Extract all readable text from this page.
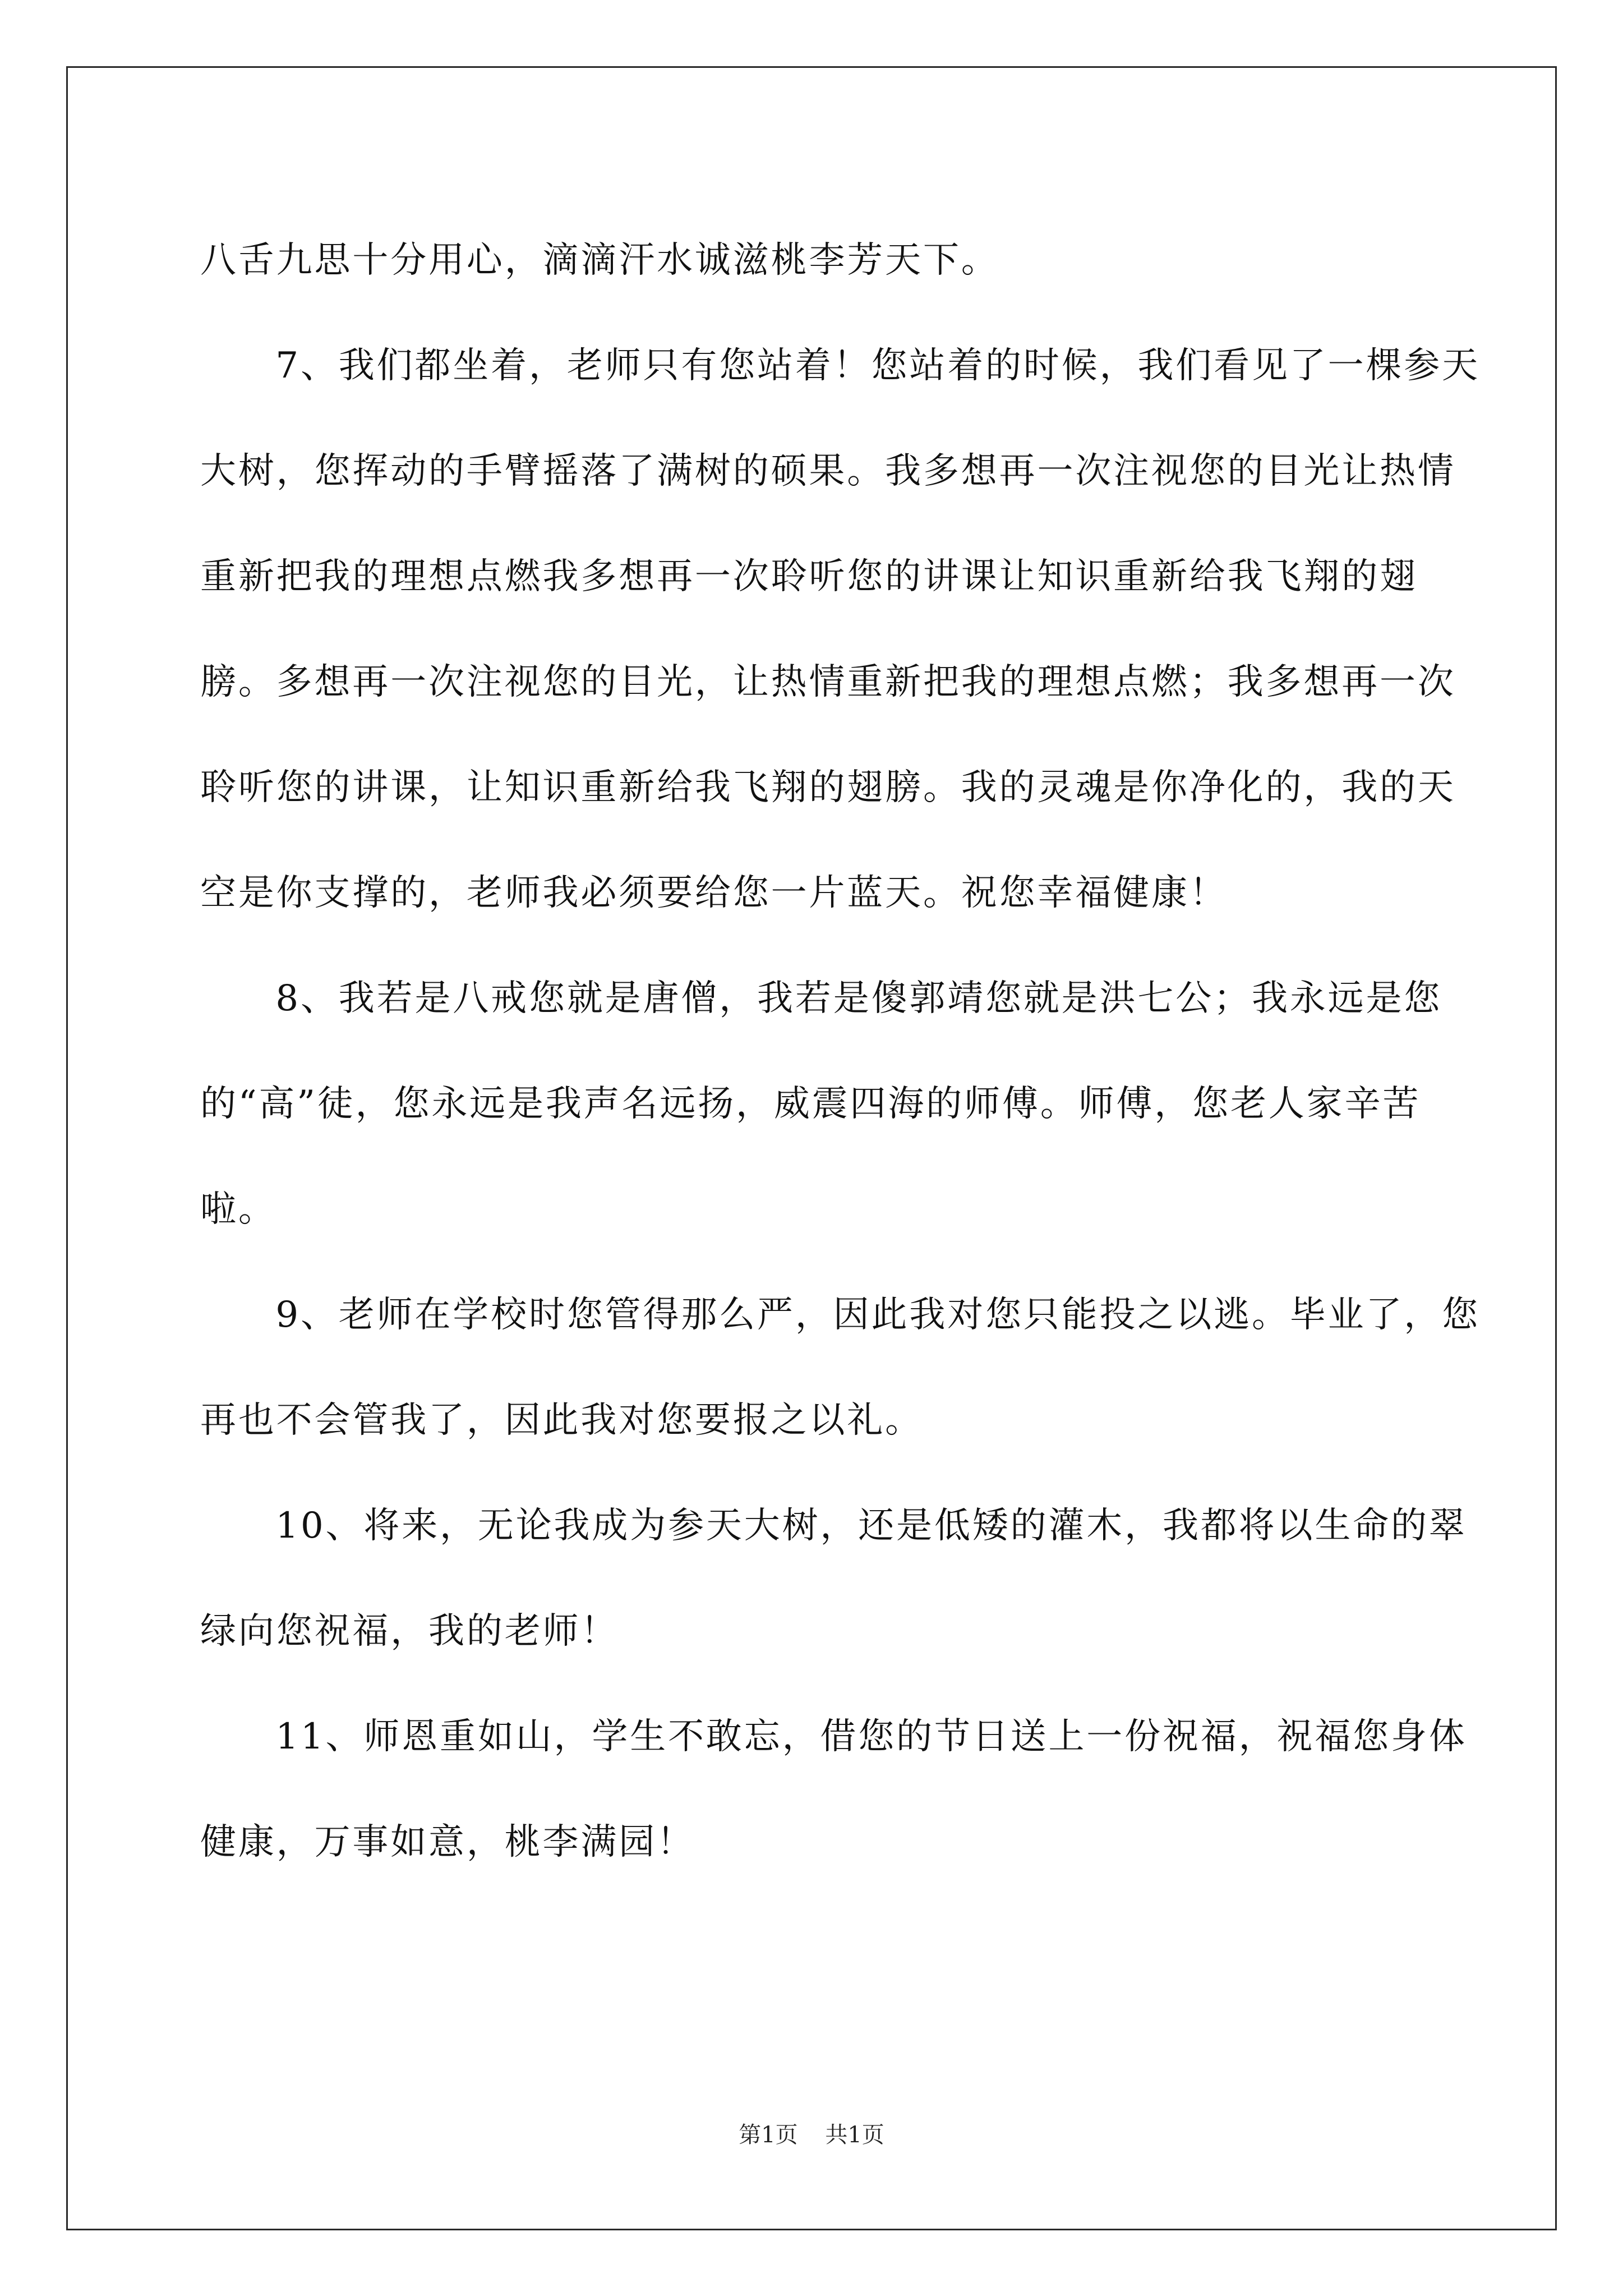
八舌九思十分用心，滴滴汗水诚滋桃李芳天下。

7、我们都坐着，老师只有您站着！您站着的时候，我们看见了一棵参天大树，您挥动的手臂摇落了满树的硕果。我多想再一次注视您的目光让热情重新把我的理想点燃我多想再一次聆听您的讲课让知识重新给我飞翔的翅膀。多想再一次注视您的目光，让热情重新把我的理想点燃；我多想再一次聆听您的讲课，让知识重新给我飞翔的翅膀。我的灵魂是你净化的，我的天空是你支撑的，老师我必须要给您一片蓝天。祝您幸福健康！

8、我若是八戒您就是唐僧，我若是傻郭靖您就是洪七公；我永远是您的“高”徒，您永远是我声名远扬，威震四海的师傅。师傅，您老人家辛苦啦。

9、老师在学校时您管得那么严，因此我对您只能投之以逃。毕业了，您再也不会管我了，因此我对您要报之以礼。

10、将来，无论我成为参天大树，还是低矮的灌木，我都将以生命的翠绿向您祝福，我的老师！

11、师恩重如山，学生不敢忘，借您的节日送上一份祝福，祝福您身体健康，万事如意，桃李满园！

第1页 共1页
